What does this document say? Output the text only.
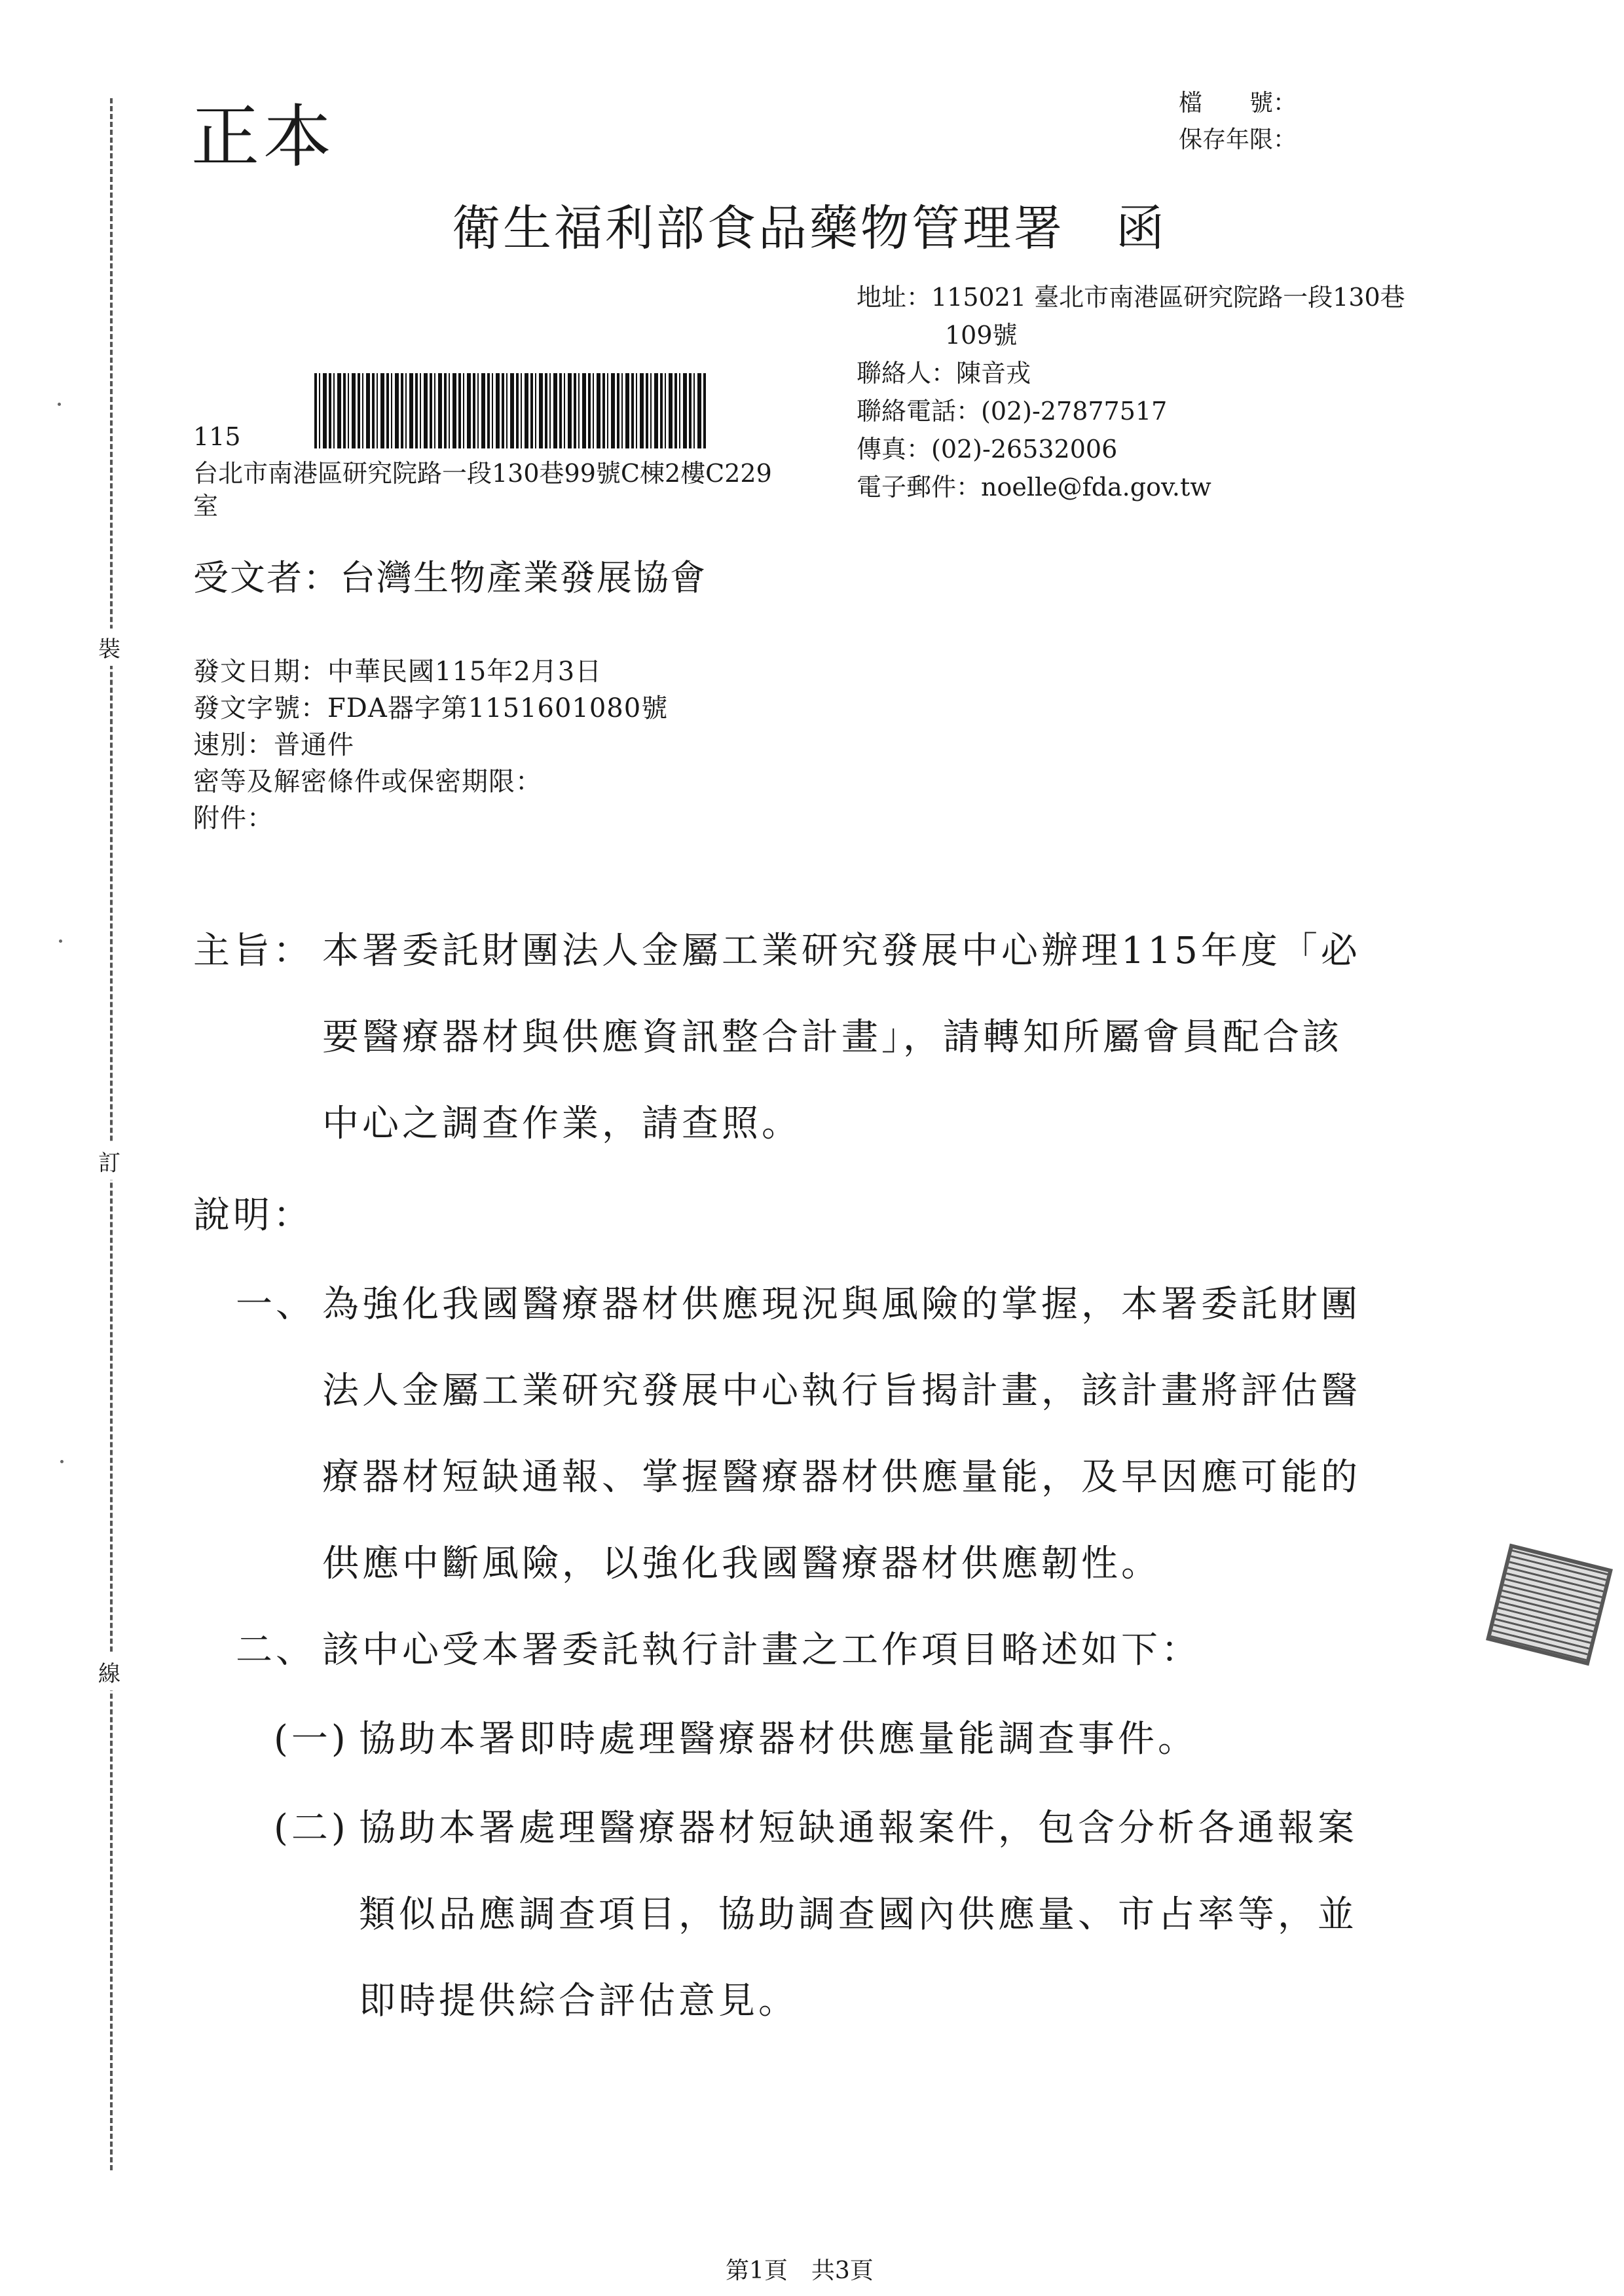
裝
訂
線
正本	檔　　號：
保存年限：
衛生福利部食品藥物管理署　函
地址：115021 臺北市南港區研究院路一段130巷
109號
聯絡人：陳音戎
聯絡電話：(02)-27877517
傳真：(02)-26532006
電子郵件：noelle@fda.gov.tw
115
台北市南港區研究院路一段130巷99號C棟2樓C229
室
受文者：台灣生物產業發展協會
發文日期：中華民國115年2月3日
發文字號：FDA器字第1151601080號
速別：普通件
密等及解密條件或保密期限：
附件：
主旨： 本署委託財團法人金屬工業研究發展中心辦理115年度「必
要醫療器材與供應資訊整合計畫」，請轉知所屬會員配合該
中心之調查作業，請查照。
說明：
一、 為強化我國醫療器材供應現況與風險的掌握，本署委託財團
法人金屬工業研究發展中心執行旨揭計畫，該計畫將評估醫
療器材短缺通報、掌握醫療器材供應量能，及早因應可能的
供應中斷風險，以強化我國醫療器材供應韌性。
二、 該中心受本署委託執行計畫之工作項目略述如下：
(一) 協助本署即時處理醫療器材供應量能調查事件。
(二) 協助本署處理醫療器材短缺通報案件，包含分析各通報案
類似品應調查項目，協助調查國內供應量、市占率等，並
即時提供綜合評估意見。
第1頁　共3頁
